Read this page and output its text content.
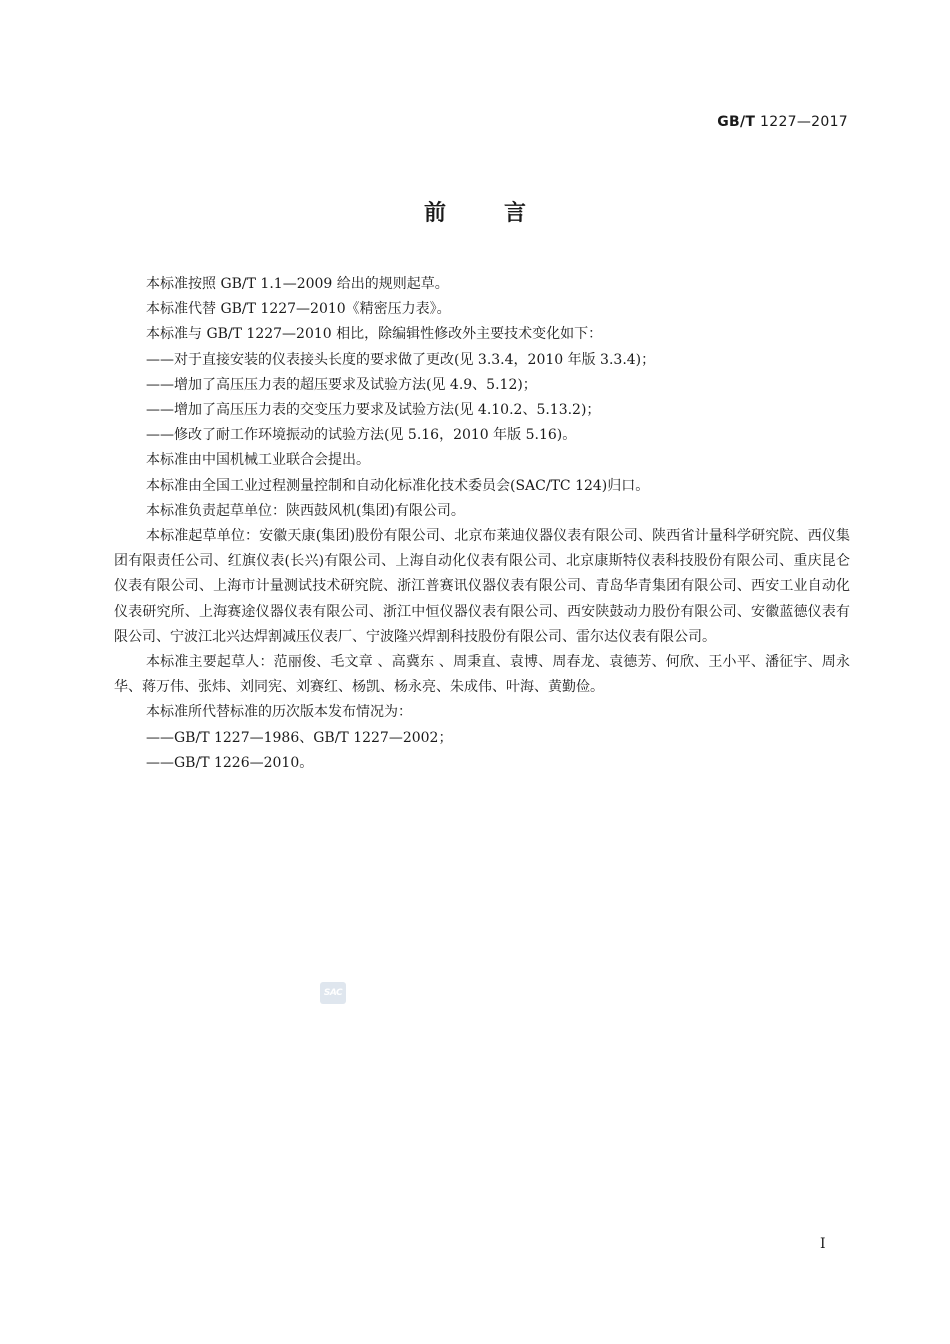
GB/T 1227—2017
前言

本标准按照 GB/T 1.1—2009 给出的规则起草。

本标准代替 GB/T 1227—2010《精密压力表》。

本标准与 GB/T 1227—2010 相比，除编辑性修改外主要技术变化如下：

——对于直接安装的仪表接头长度的要求做了更改(见 3.3.4，2010 年版 3.3.4)；

——增加了高压压力表的超压要求及试验方法(见 4.9、5.12)；

——增加了高压压力表的交变压力要求及试验方法(见 4.10.2、5.13.2)；

——修改了耐工作环境振动的试验方法(见 5.16，2010 年版 5.16)。

本标准由中国机械工业联合会提出。

本标准由全国工业过程测量控制和自动化标准化技术委员会(SAC/TC 124)归口。

本标准负责起草单位：陕西鼓风机(集团)有限公司。

本标准起草单位：安徽天康(集团)股份有限公司、北京布莱迪仪器仪表有限公司、陕西省计量科学研究院、西仪集团有限责任公司、红旗仪表(长兴)有限公司、上海自动化仪表有限公司、北京康斯特仪表科技股份有限公司、重庆昆仑仪表有限公司、上海市计量测试技术研究院、浙江普赛讯仪器仪表有限公司、青岛华青集团有限公司、西安工业自动化仪表研究所、上海赛途仪器仪表有限公司、浙江中恒仪器仪表有限公司、西安陕鼓动力股份有限公司、安徽蓝德仪表有限公司、宁波江北兴达焊割减压仪表厂、宁波隆兴焊割科技股份有限公司、雷尔达仪表有限公司。

本标准主要起草人：范丽俊、毛文章 、高冀东 、周秉直、袁博、周春龙、袁德芳、何欣、王小平、潘征宇、周永华、蒋万伟、张炜、刘同宪、刘赛红、杨凯、杨永亮、朱成伟、叶海、黄勤俭。

本标准所代替标准的历次版本发布情况为：

——GB/T 1227—1986、GB/T 1227—2002；

——GB/T 1226—2010。

SAC
I
